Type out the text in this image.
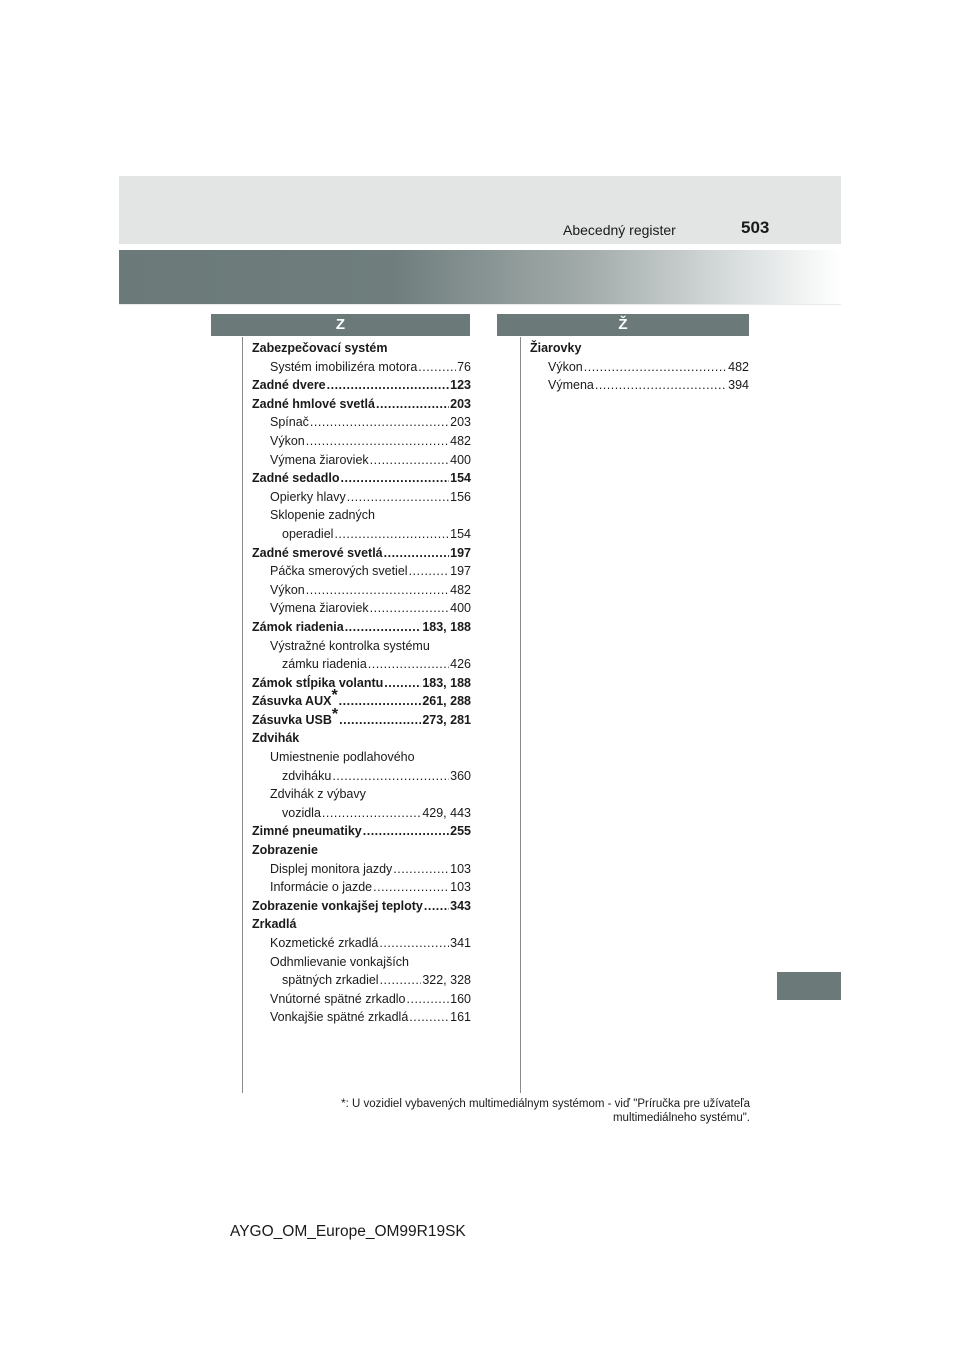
Abecedný register	503
Z	Ž
Zabezpečovací systém
Systém imobilizéra motora .....	76
Zadné dvere .....	123
Zadné hmlové svetlá .....	203
Spínač .....	203
Výkon .....	482
Výmena žiaroviek .....	400
Zadné sedadlo .....	154
Opierky hlavy .....	156
Sklopenie zadných
operadiel .....	154
Zadné smerové svetlá .....	197
Páčka smerových svetiel .....	197
Výkon .....	482
Výmena žiaroviek .....	400
Zámok riadenia .....	183, 188
Výstražné kontrolka systému
zámku riadenia .....	426
Zámok stĺpika volantu .....	183, 188
Zásuvka AUX * .....	261, 288
Zásuvka USB * .....	273, 281
Zdvihák
Umiestnenie podlahového
zdviháku .....	360
Zdvihák z výbavy
vozidla .....	429, 443
Zimné pneumatiky .....	255
Zobrazenie
Displej monitora jazdy .....	103
Informácie o jazde .....	103
Zobrazenie vonkajšej teploty ..... 343
Zrkadlá
Kozmetické zrkadlá .....	341
Odhmlievanie vonkajších
spätných zrkadiel .....	322, 328
Vnútorné spätné zrkadlo .....	160
Vonkajšie spätné zrkadlá .....	161
Žiarovky
Výkon .....	482
Výmena .....	394
*: U vozidiel vybavených multimediálnym systémom - viď "Príručka pre užívateľa
multimediálneho systému".
AYGO_OM_Europe_OM99R19SK
